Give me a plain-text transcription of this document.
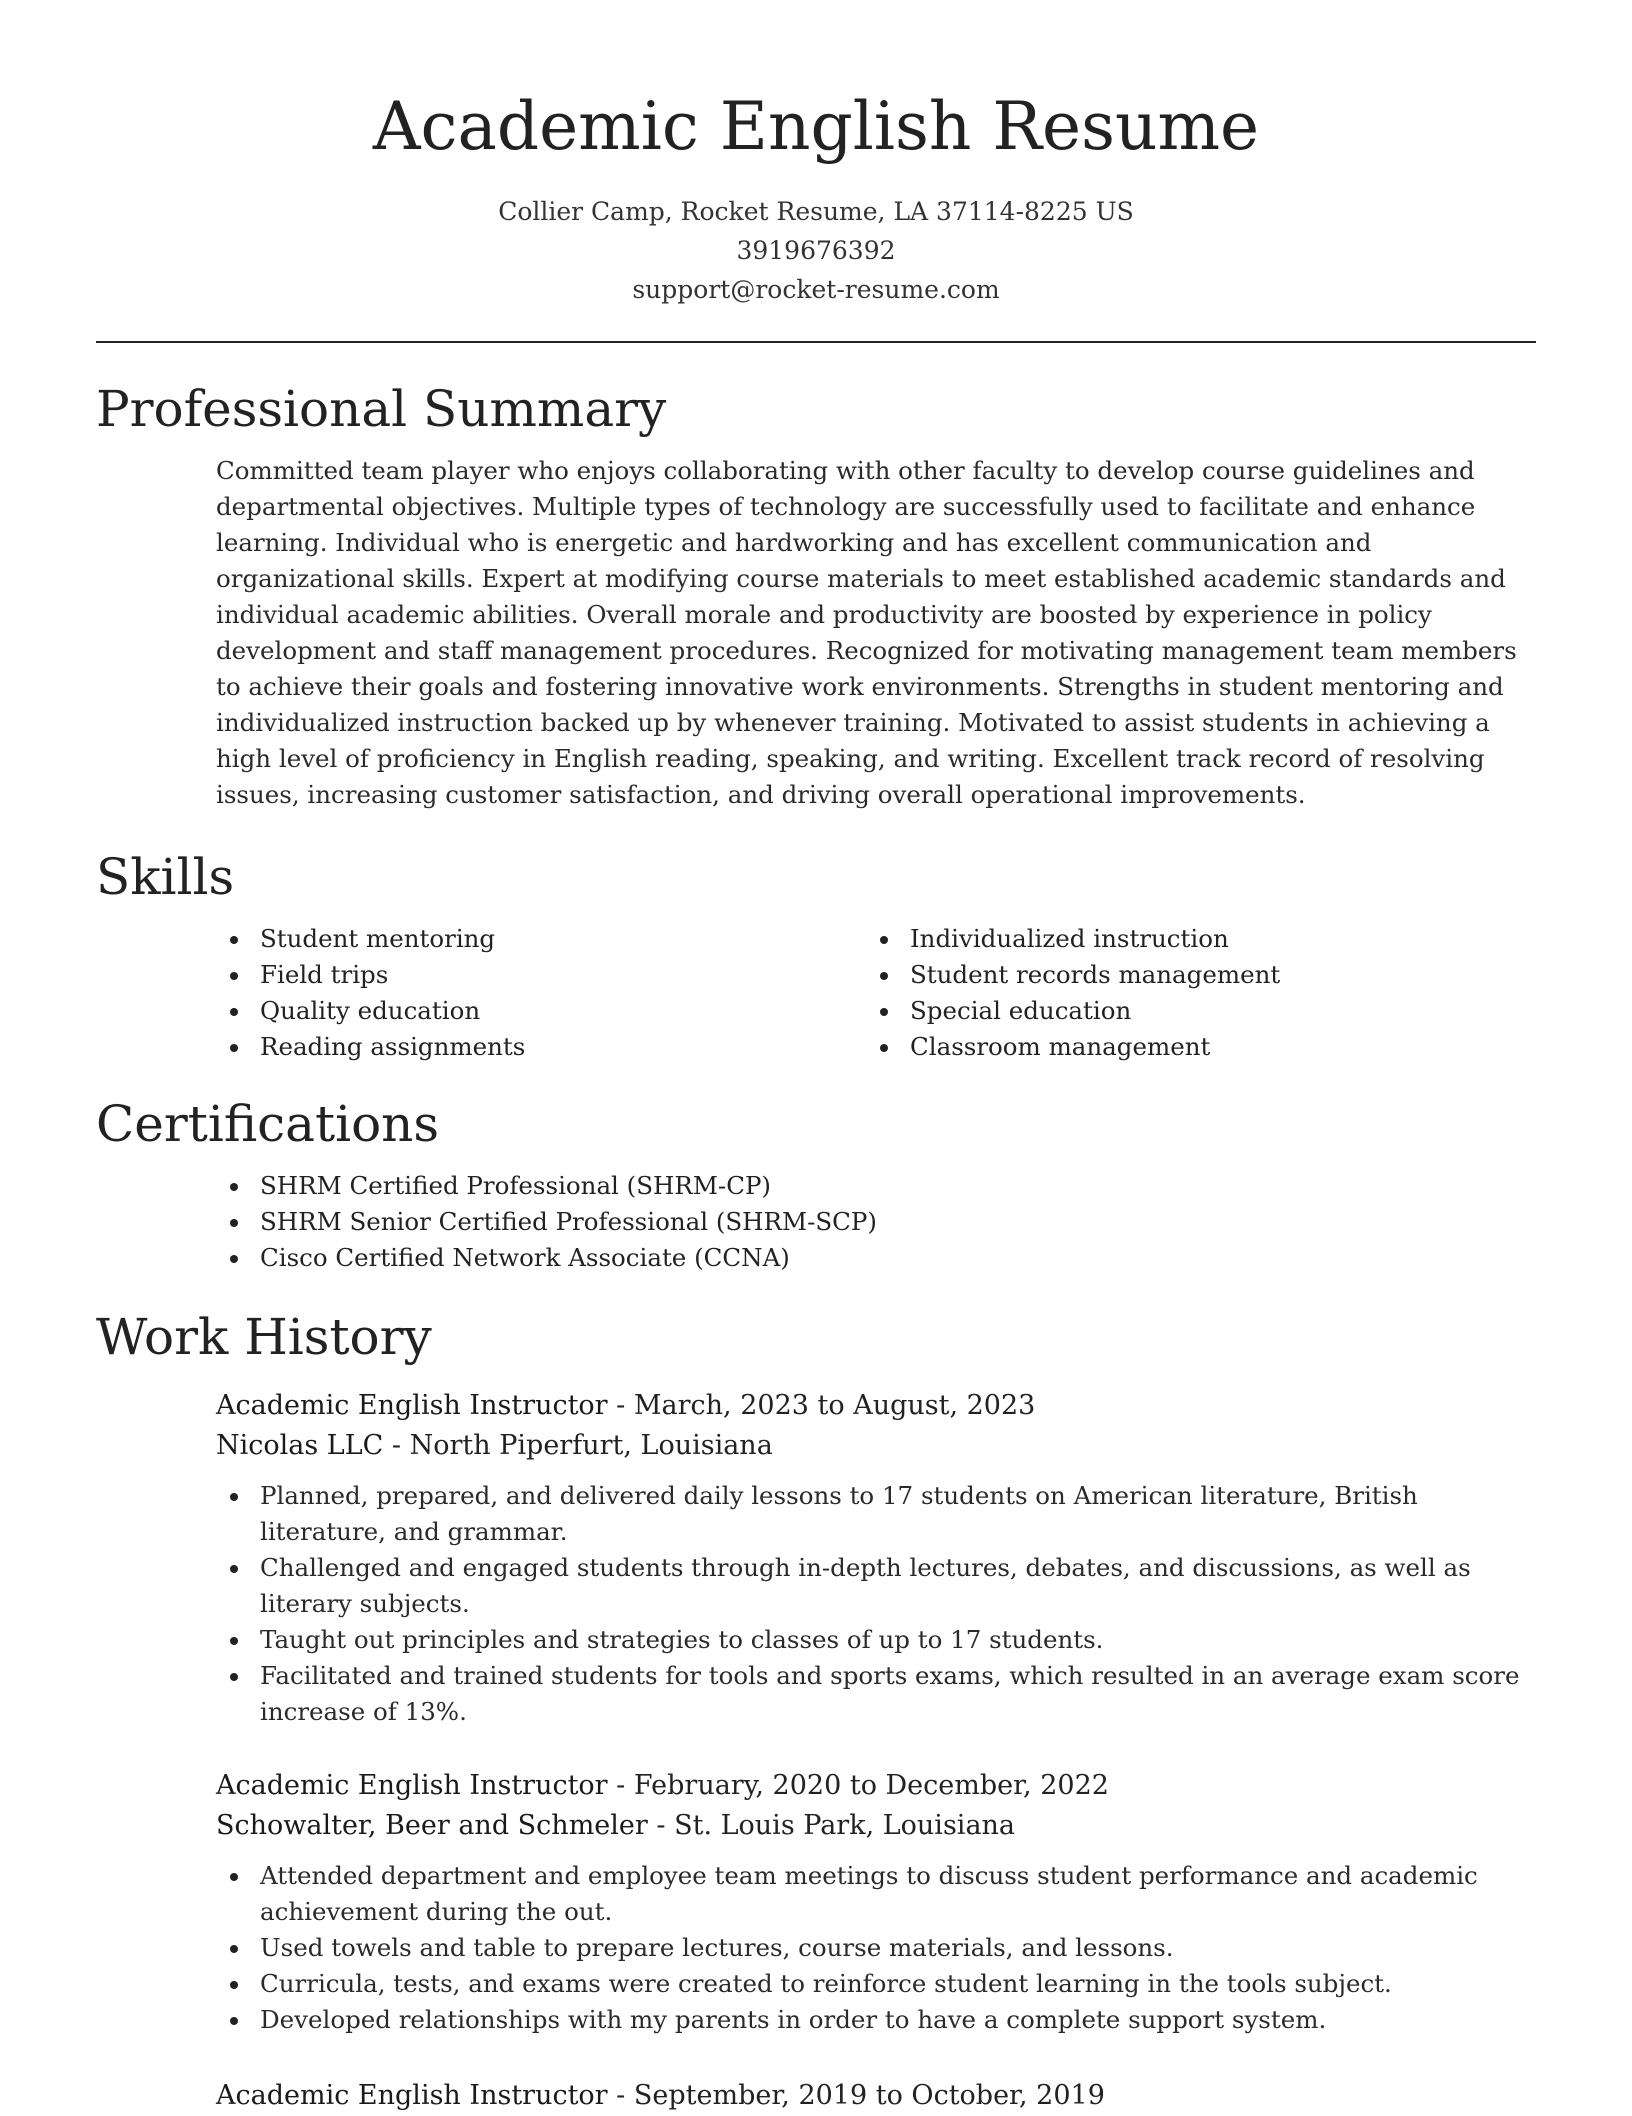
Academic English Resume
Collier Camp, Rocket Resume, LA 37114-8225 US
3919676392
support@rocket-resume.com
Professional Summary

Committed team player who enjoys collaborating with other faculty to develop course guidelines and departmental objectives. Multiple types of technology are successfully used to facilitate and enhance learning. Individual who is energetic and hardworking and has excellent communication and organizational skills. Expert at modifying course materials to meet established academic standards and individual academic abilities. Overall morale and productivity are boosted by experience in policy development and staff management procedures. Recognized for motivating management team members to achieve their goals and fostering innovative work environments. Strengths in student mentoring and individualized instruction backed up by whenever training. Motivated to assist students in achieving a high level of proficiency in English reading, speaking, and writing. Excellent track record of resolving issues, increasing customer satisfaction, and driving overall operational improvements.

Skills
Student mentoring
Field trips
Quality education
Reading assignments
Individualized instruction
Student records management
Special education
Classroom management
Certifications
SHRM Certified Professional (SHRM-CP)
SHRM Senior Certified Professional (SHRM-SCP)
Cisco Certified Network Associate (CCNA)
Work History
Academic English Instructor - March, 2023 to August, 2023
Nicolas LLC - North Piperfurt, Louisiana
Planned, prepared, and delivered daily lessons to 17 students on American literature, British literature, and grammar.
Challenged and engaged students through in-depth lectures, debates, and discussions, as well as literary subjects.
Taught out principles and strategies to classes of up to 17 students.
Facilitated and trained students for tools and sports exams, which resulted in an average exam score increase of 13%.
Academic English Instructor - February, 2020 to December, 2022
Schowalter, Beer and Schmeler - St. Louis Park, Louisiana
Attended department and employee team meetings to discuss student performance and academic achievement during the out.
Used towels and table to prepare lectures, course materials, and lessons.
Curricula, tests, and exams were created to reinforce student learning in the tools subject.
Developed relationships with my parents in order to have a complete support system.
Academic English Instructor - September, 2019 to October, 2019
